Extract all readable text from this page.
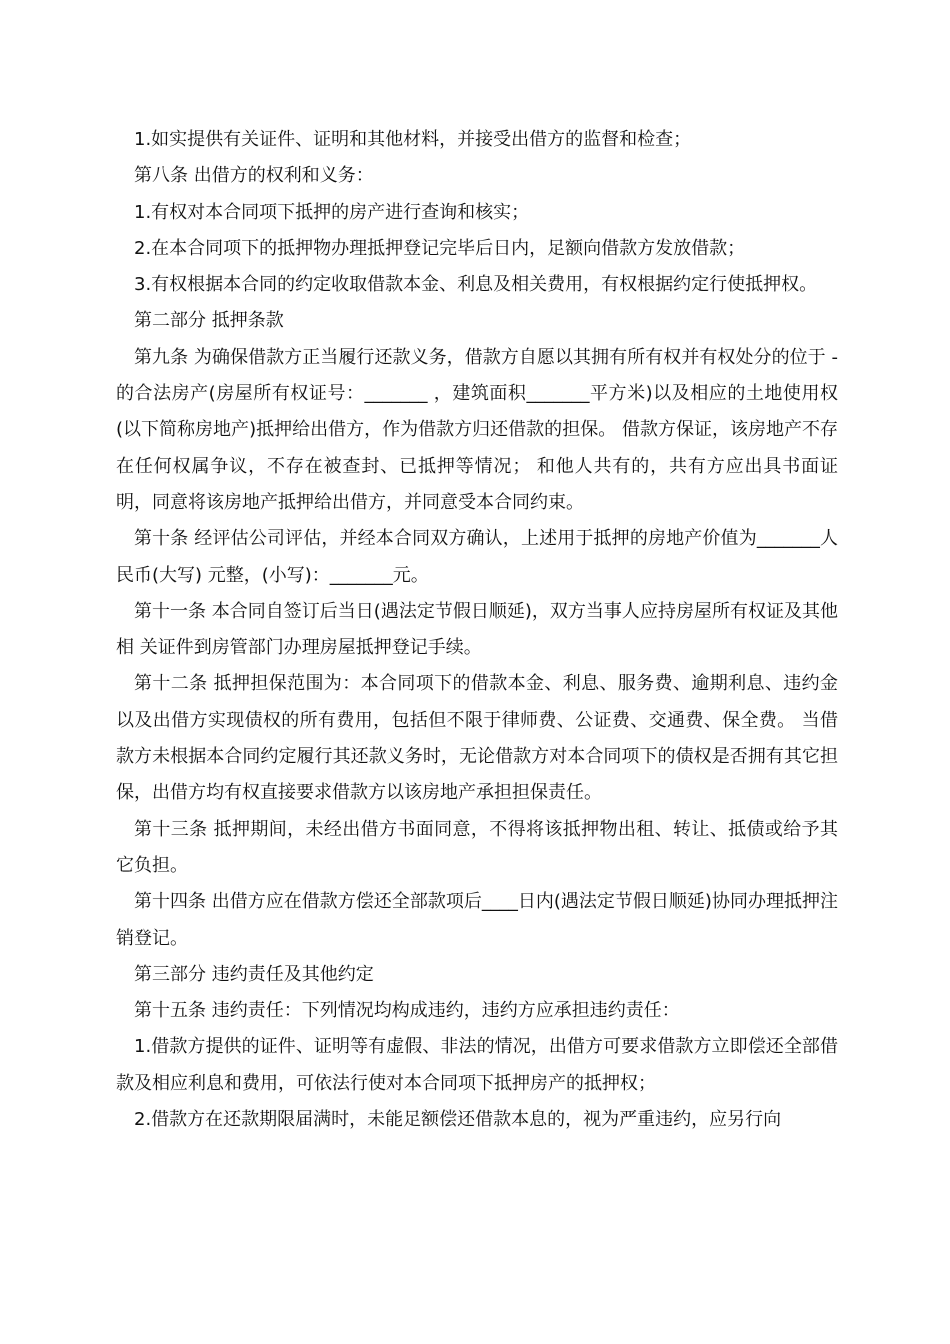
1.如实提供有关证件、证明和其他材料，并接受出借方的监督和检查；

第八条 出借方的权利和义务：

1.有权对本合同项下抵押的房产进行查询和核实；

2.在本合同项下的抵押物办理抵押登记完毕后日内，足额向借款方发放借款；

3.有权根据本合同的约定收取借款本金、利息及相关费用，有权根据约定行使抵押权。

第二部分 抵押条款

第九条 为确保借款方正当履行还款义务，借款方自愿以其拥有所有权并有权处分的位于 -的合法房产(房屋所有权证号：_______ ，建筑面积_______平方米)以及相应的土地使用权(以下简称房地产)抵押给出借方，作为借款方归还借款的担保。 借款方保证，该房地产不存在任何权属争议，不存在被查封、已抵押等情况； 和他人共有的，共有方应出具书面证明，同意将该房地产抵押给出借方，并同意受本合同约束。

第十条 经评估公司评估，并经本合同双方确认，上述用于抵押的房地产价值为_______人民币(大写) 元整，(小写)：_______元。

第十一条 本合同自签订后当日(遇法定节假日顺延)，双方当事人应持房屋所有权证及其他相 关证件到房管部门办理房屋抵押登记手续。

第十二条 抵押担保范围为：本合同项下的借款本金、利息、服务费、逾期利息、违约金以及出借方实现债权的所有费用，包括但不限于律师费、公证费、交通费、保全费。 当借款方未根据本合同约定履行其还款义务时，无论借款方对本合同项下的债权是否拥有其它担保，出借方均有权直接要求借款方以该房地产承担担保责任。

第十三条 抵押期间，未经出借方书面同意，不得将该抵押物出租、转让、抵债或给予其它负担。

第十四条 出借方应在借款方偿还全部款项后____日内(遇法定节假日顺延)协同办理抵押注销登记。

第三部分 违约责任及其他约定

第十五条 违约责任：下列情况均构成违约，违约方应承担违约责任：

1.借款方提供的证件、证明等有虚假、非法的情况，出借方可要求借款方立即偿还全部借款及相应利息和费用，可依法行使对本合同项下抵押房产的抵押权；

2.借款方在还款期限届满时，未能足额偿还借款本息的，视为严重违约，应另行向
